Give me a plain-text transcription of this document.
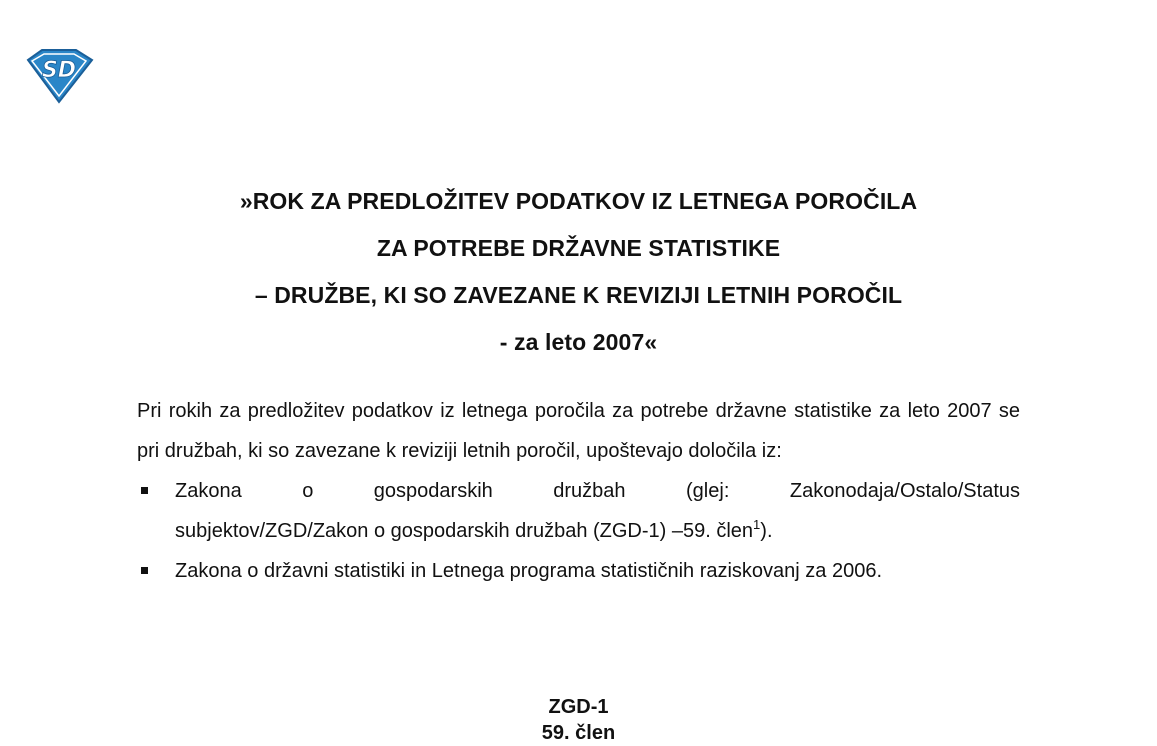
SD
»ROK ZA PREDLOŽITEV PODATKOV IZ LETNEGA POROČILA
ZA POTREBE DRŽAVNE STATISTIKE
– DRUŽBE, KI SO ZAVEZANE K REVIZIJI LETNIH POROČIL
- za leto 2007«

Pri rokih za predložitev podatkov iz letnega poročila za potrebe državne statistike za leto 2007 se pri družbah, ki so zavezane k reviziji letnih poročil, upoštevajo določila iz:

Zakona o gospodarskih družbah (glej: Zakonodaja/Ostalo/Status
subjektov/ZGD/Zakon o gospodarskih družbah (ZGD-1) –59. člen$^1$).
Zakona o državni statistiki in Letnega programa statističnih raziskovanj za 2006.
ZGD-1
59. člen
